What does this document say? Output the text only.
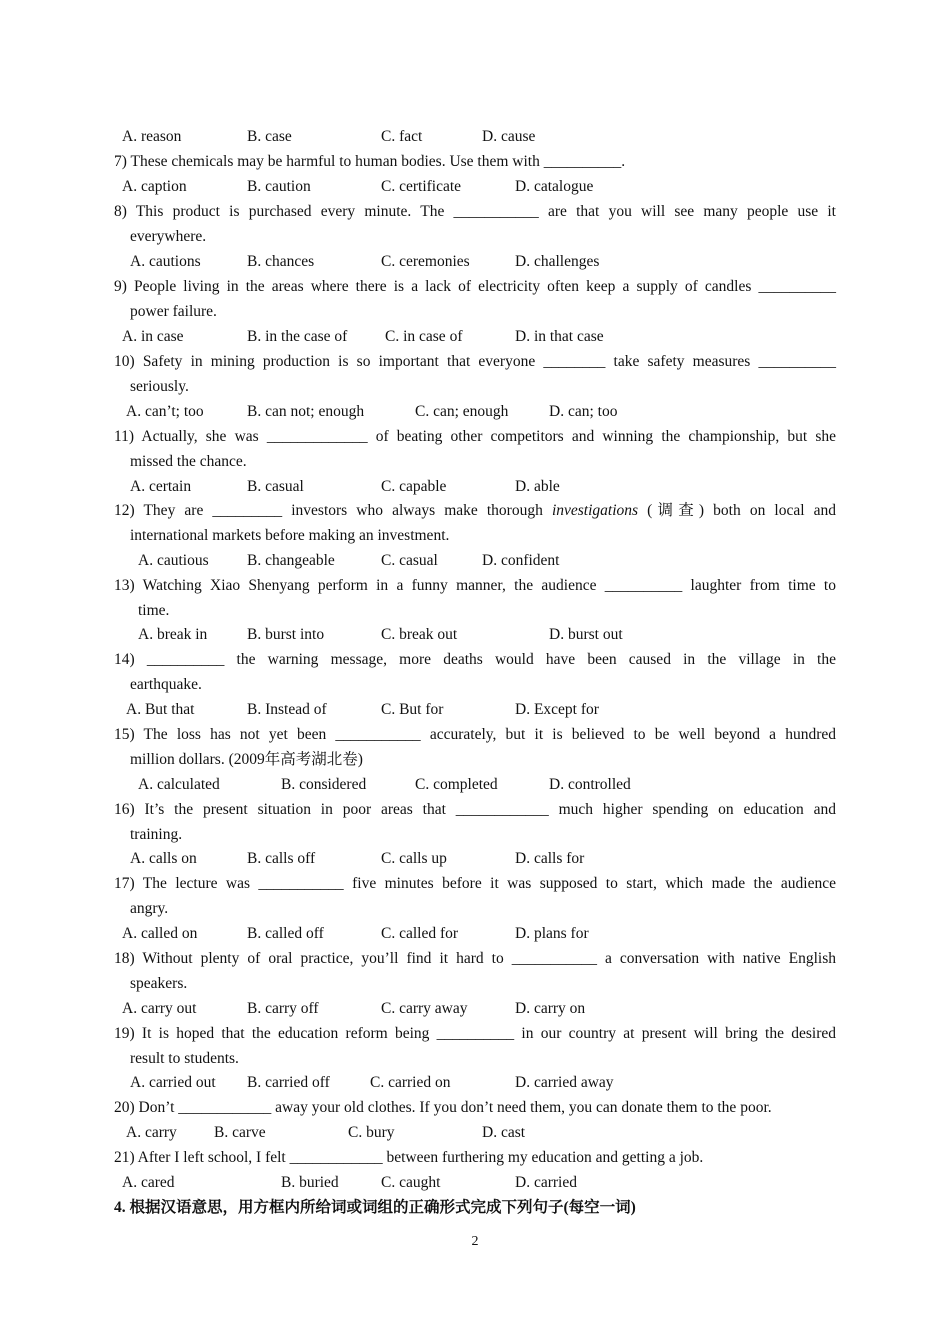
A. reason	B. case	C. fact	D. cause
7) These chemicals may be harmful to human bodies. Use them with __________.
A. caption	B. caution	C. certificate	D. catalogue
8) This product is purchased every minute. The ___________ are that you will see many people use it
everywhere.
A. cautions	B. chances	C. ceremonies	D. challenges
9) People living in the areas where there is a lack of electricity often keep a supply of candles __________
power failure.
A. in case	B. in the case of C. in case of	D. in that case
10) Safety in mining production is so important that everyone ________ take safety measures __________
seriously.
A. can’t; too	B. can not; enough	C. can; enough	D. can; too
11) Actually, she was _____________ of beating other competitors and winning the championship, but she
missed the chance.
A. certain	B. casual	C. capable	D. able
12) They are _________ investors who always make thorough investigations (调查) both on local and
international markets before making an investment.
A. cautious B. changeable	C. casual	D. confident
13) Watching Xiao Shenyang perform in a funny manner, the audience __________ laughter from time to
time.
A. break in	B. burst into	C. break out	D. burst out
14) __________ the warning message, more deaths would have been caused in the village in the
earthquake.
A. But that	B. Instead of	C. But for	D. Except for
15) The loss has not yet been ___________ accurately, but it is believed to be well beyond a hundred
million dollars. (2009年高考湖北卷)
A. calculated	B. considered	C. completed	D. controlled
16) It’s the present situation in poor areas that ____________ much higher spending on education and
training.
A. calls on	B. calls off	C. calls up	D. calls for
17) The lecture was ___________ five minutes before it was supposed to start, which made the audience
angry.
A. called on	B. called off	C. called for	D. plans for
18) Without plenty of oral practice, you’ll find it hard to ___________ a conversation with native English
speakers.
A. carry out	B. carry off	C. carry away	D. carry on
19) It is hoped that the education reform being __________ in our country at present will bring the desired
result to students.
A. carried out B. carried off	C. carried on	D. carried away
20) Don’t ____________ away your old clothes. If you don’t need them, you can donate them to the poor.
A. carry B. carve	C. bury	D. cast
21) After I left school, I felt ____________ between furthering my education and getting a job.
A. cared	B. buried	C. caught	D. carried
4. 根据汉语意思，用方框内所给词或词组的正确形式完成下列句子(每空一词)
2
